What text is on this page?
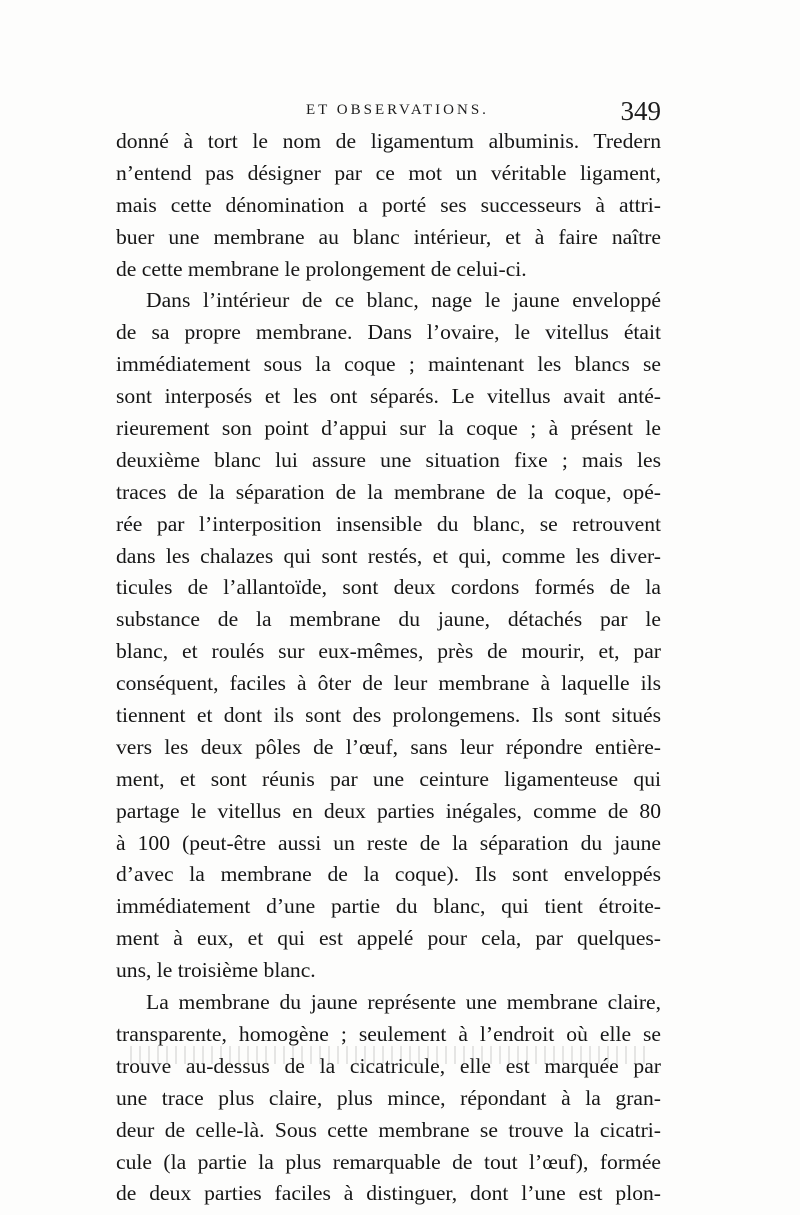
ET OBSERVATIONS.	349
donné à tort le nom de ligamentum albuminis. Tredern
n’entend pas désigner par ce mot un véritable ligament,
mais cette dénomination a porté ses successeurs à attri-
buer une membrane au blanc intérieur, et à faire naître
de cette membrane le prolongement de celui-ci.
Dans l’intérieur de ce blanc, nage le jaune enveloppé
de sa propre membrane. Dans l’ovaire, le vitellus était
immédiatement sous la coque ; maintenant les blancs se
sont interposés et les ont séparés. Le vitellus avait anté-
rieurement son point d’appui sur la coque ; à présent le
deuxième blanc lui assure une situation fixe ; mais les
traces de la séparation de la membrane de la coque, opé-
rée par l’interposition insensible du blanc, se retrouvent
dans les chalazes qui sont restés, et qui, comme les diver-
ticules de l’allantoïde, sont deux cordons formés de la
substance de la membrane du jaune, détachés par le
blanc, et roulés sur eux-mêmes, près de mourir, et, par
conséquent, faciles à ôter de leur membrane à laquelle ils
tiennent et dont ils sont des prolongemens. Ils sont situés
vers les deux pôles de l’œuf, sans leur répondre entière-
ment, et sont réunis par une ceinture ligamenteuse qui
partage le vitellus en deux parties inégales, comme de 80
à 100 (peut-être aussi un reste de la séparation du jaune
d’avec la membrane de la coque). Ils sont enveloppés
immédiatement d’une partie du blanc, qui tient étroite-
ment à eux, et qui est appelé pour cela, par quelques-
uns, le troisième blanc.
La membrane du jaune représente une membrane claire,
transparente, homogène ; seulement à l’endroit où elle se
trouve au-dessus de la cicatricule, elle est marquée par
une trace plus claire, plus mince, répondant à la gran-
deur de celle-là. Sous cette membrane se trouve la cicatri-
cule (la partie la plus remarquable de tout l’œuf), formée
de deux parties faciles à distinguer, dont l’une est plon-
